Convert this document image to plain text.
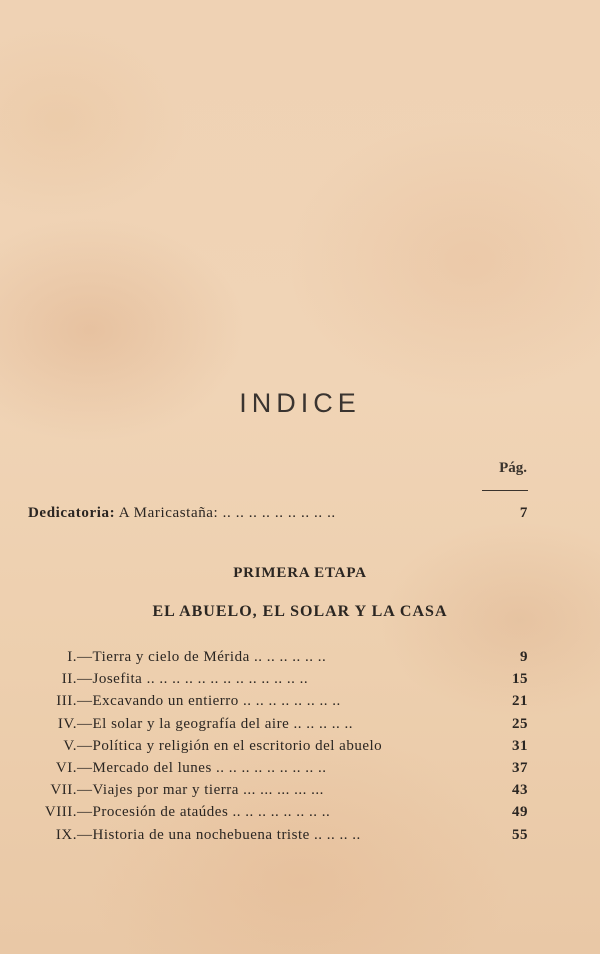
INDICE
Pág.
Dedicatoria: A Maricastaña: .. .. .. .. .. .. .. .. ..	7
PRIMERA ETAPA
EL ABUELO, EL SOLAR Y LA CASA
I.—Tierra y cielo de Mérida .. .. .. .. .. ..	9
II.—Josefita .. .. .. .. .. .. .. .. .. .. .. .. ..	15
III.—Excavando un entierro .. .. .. .. .. .. .. ..	21
IV.—El solar y la geografía del aire .. .. .. .. ..	25
V.—Política y religión en el escritorio del abuelo	31
VI.—Mercado del lunes .. .. .. .. .. .. .. .. ..	37
VII.—Viajes por mar y tierra ... ... ... ... ...	43
VIII.—Procesión de ataúdes .. .. .. .. .. .. .. ..	49
IX.—Historia de una nochebuena triste .. .. .. ..	55
